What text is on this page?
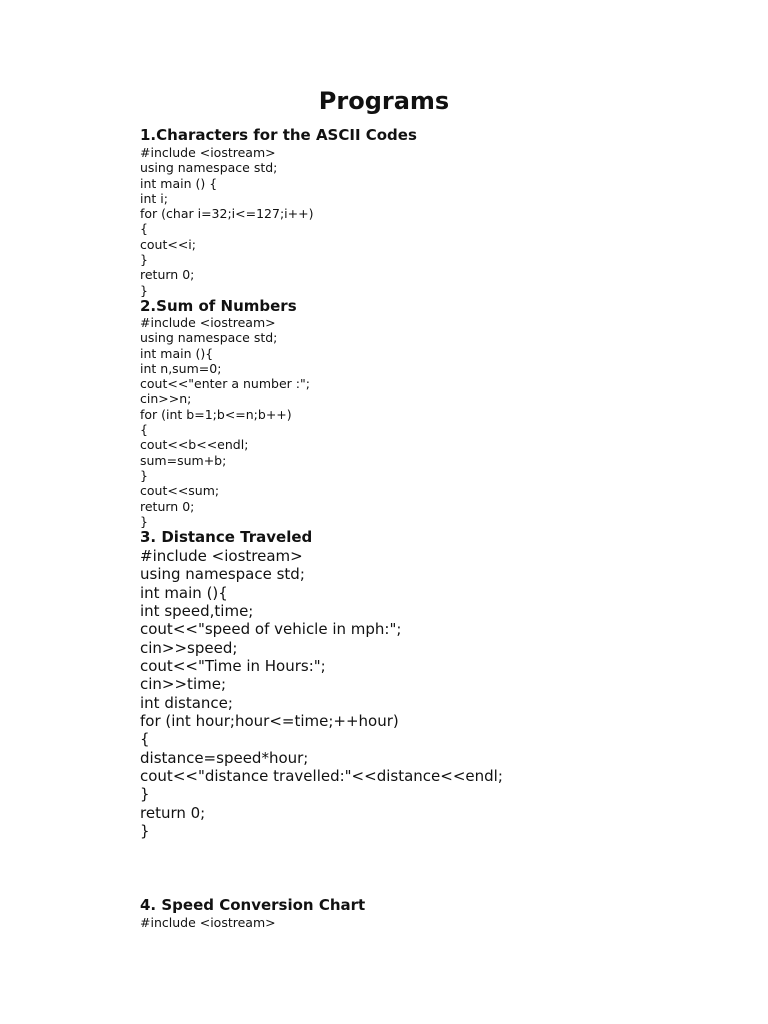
Programs
1.Characters for the ASCII Codes
#include <iostream>
using namespace std;
int main () {
int i;
for (char i=32;i<=127;i++)
{
cout<<i;
}
return 0;
}
2.Sum of Numbers
#include <iostream>
using namespace std;
int main (){
int n,sum=0;
cout<<"enter a number :";
cin>>n;
for (int b=1;b<=n;b++)
{
cout<<b<<endl;
sum=sum+b;
}
cout<<sum;
return 0;
}
3. Distance Traveled
#include <iostream>
using namespace std;
int main (){
int speed,time;
cout<<"speed of vehicle in mph:";
cin>>speed;
cout<<"Time in Hours:";
cin>>time;
int distance;
for (int hour;hour<=time;++hour)
{
distance=speed*hour;
cout<<"distance travelled:"<<distance<<endl;
}
return 0;
}
4. Speed Conversion Chart
#include <iostream>
